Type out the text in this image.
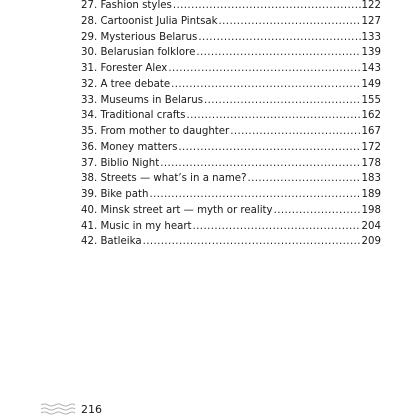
27. Fashion styles .....	122
28. Cartoonist Julia Pintsak .....	127
29. Mysterious Belarus .....	133
30. Belarusian folklore .....	139
31. Forester Alex .....	143
32. A tree debate .....	149
33. Museums in Belarus .....	155
34. Traditional crafts .....	162
35. From mother to daughter .....	167
36. Money matters .....	172
37. Biblio Night .....	178
38. Streets — what’s in a name? .....	183
39. Bike path .....	189
40. Minsk street art — myth or reality .....	198
41. Music in my heart .....	204
42. Batleika .....	209
216
